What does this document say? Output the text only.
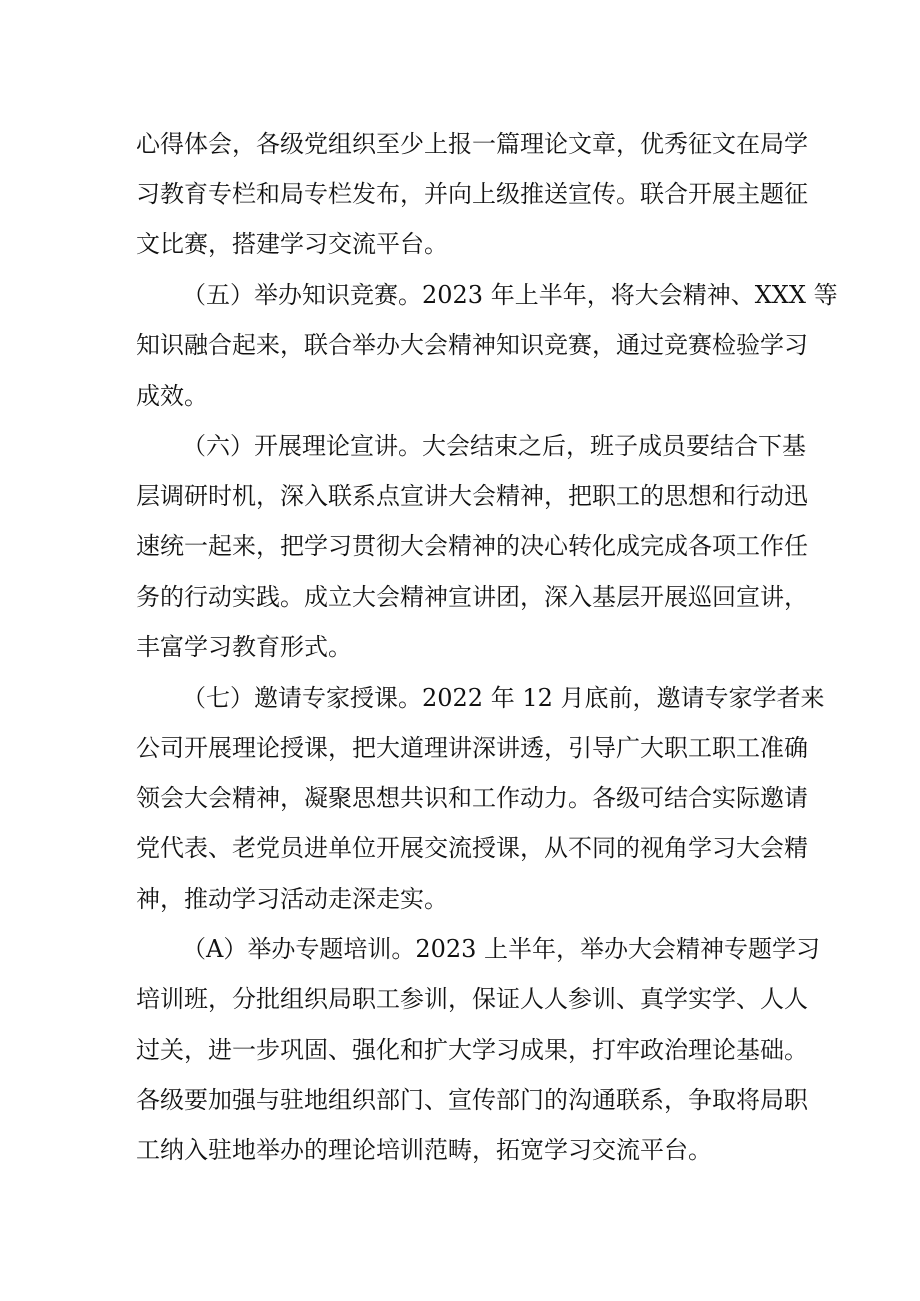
心得体会，各级党组织至少上报一篇理论文章，优秀征文在局学
习教育专栏和局专栏发布，并向上级推送宣传。联合开展主题征
文比赛，搭建学习交流平台。
（五）举办知识竞赛。2023 年上半年，将大会精神、XXX 等
知识融合起来，联合举办大会精神知识竞赛，通过竞赛检验学习
成效。
（六）开展理论宣讲。大会结束之后，班子成员要结合下基
层调研时机，深入联系点宣讲大会精神，把职工的思想和行动迅
速统一起来，把学习贯彻大会精神的决心转化成完成各项工作任
务的行动实践。成立大会精神宣讲团，深入基层开展巡回宣讲，
丰富学习教育形式。
（七）邀请专家授课。2022 年 12 月底前，邀请专家学者来
公司开展理论授课，把大道理讲深讲透，引导广大职工职工准确
领会大会精神，凝聚思想共识和工作动力。各级可结合实际邀请
党代表、老党员进单位开展交流授课，从不同的视角学习大会精
神，推动学习活动走深走实。
（A）举办专题培训。2023 上半年，举办大会精神专题学习
培训班，分批组织局职工参训，保证人人参训、真学实学、人人
过关，进一步巩固、强化和扩大学习成果，打牢政治理论基础。
各级要加强与驻地组织部门、宣传部门的沟通联系，争取将局职
工纳入驻地举办的理论培训范畴，拓宽学习交流平台。
